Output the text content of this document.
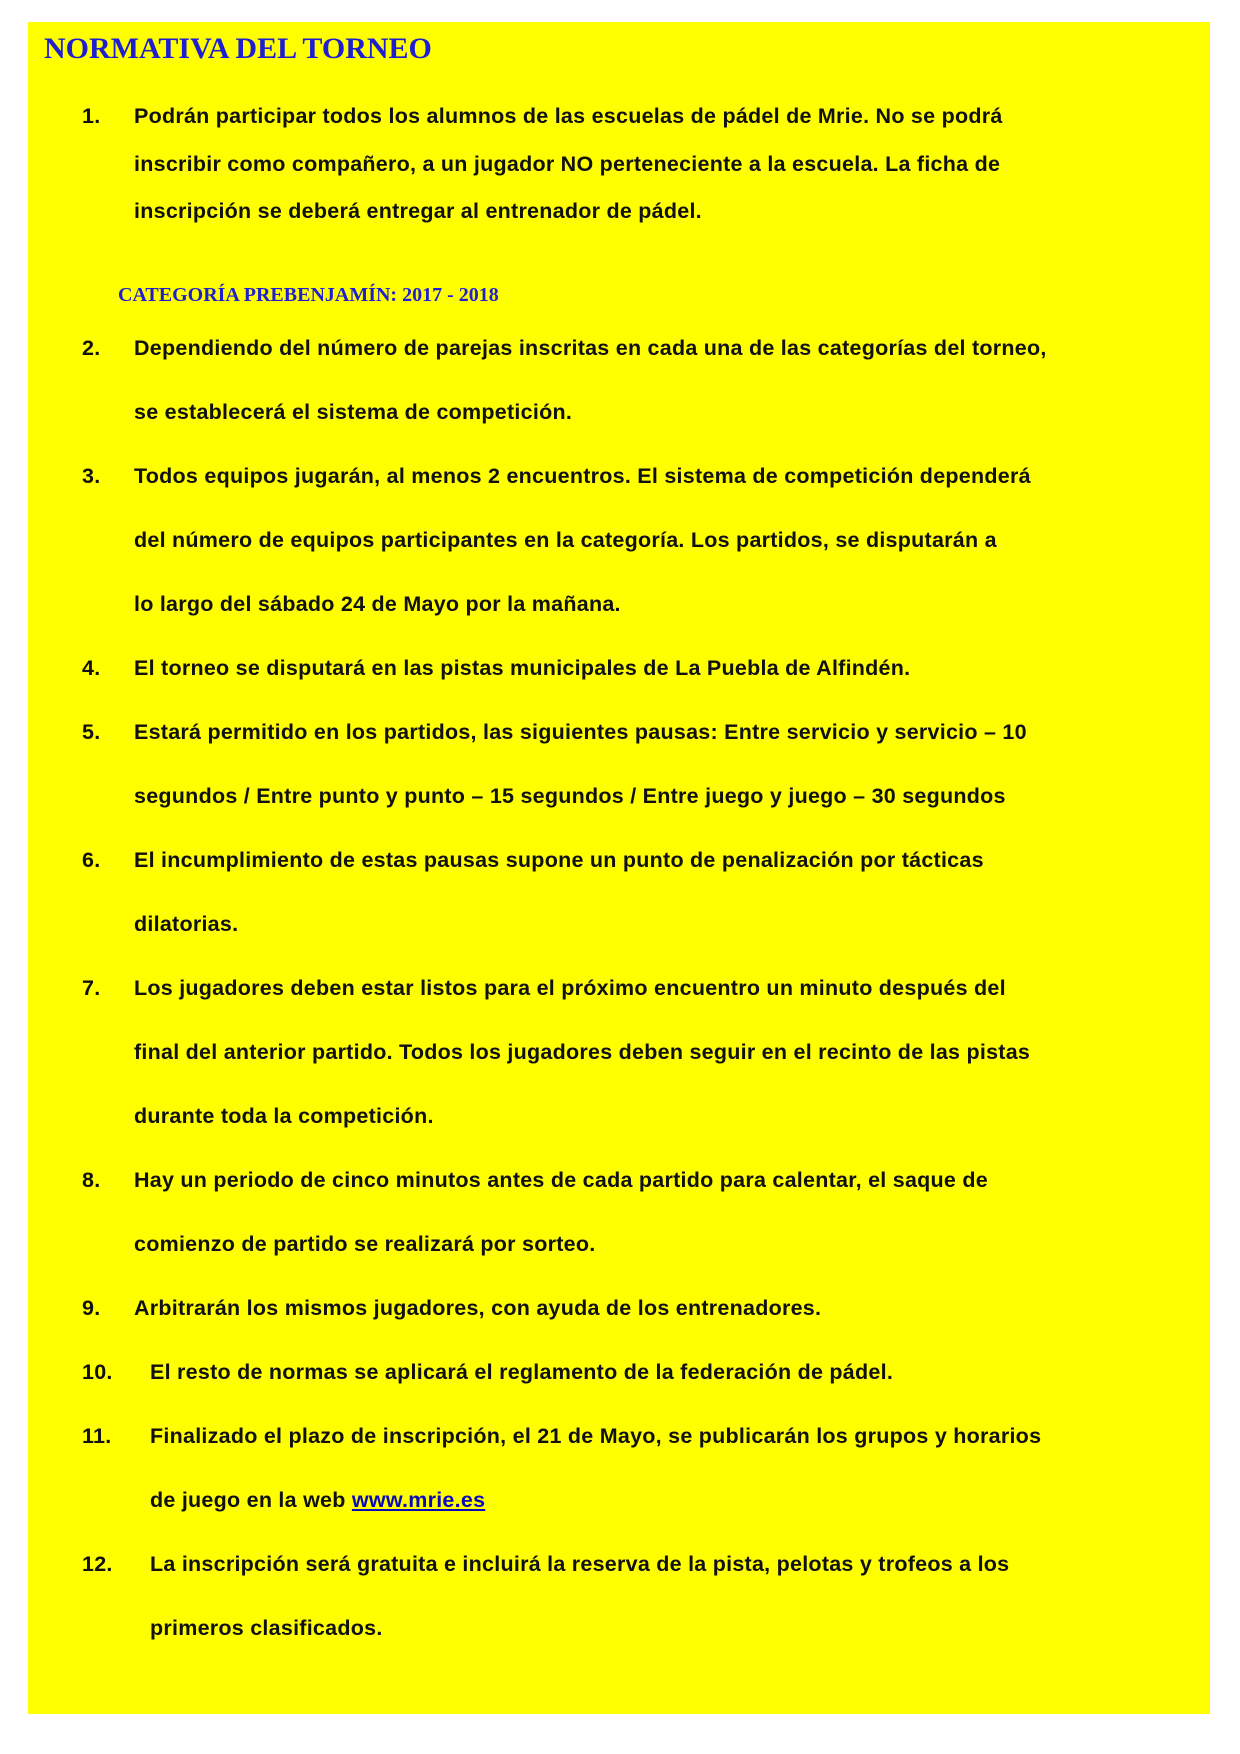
NORMATIVA DEL TORNEO
1. Podrán participar todos los alumnos de las escuelas de pádel de Mrie. No se podrá
inscribir como compañero, a un jugador NO perteneciente a la escuela. La ficha de
inscripción se deberá entregar al entrenador de pádel.
CATEGORÍA PREBENJAMÍN: 2017 - 2018
2. Dependiendo del número de parejas inscritas en cada una de las categorías del torneo,
se establecerá el sistema de competición.
3. Todos equipos jugarán, al menos 2 encuentros. El sistema de competición dependerá
del número de equipos participantes en la categoría. Los partidos, se disputarán a
lo largo del sábado 24 de Mayo por la mañana.
4. El torneo se disputará en las pistas municipales de La Puebla de Alfindén.
5. Estará permitido en los partidos, las siguientes pausas: Entre servicio y servicio – 10
segundos / Entre punto y punto – 15 segundos / Entre juego y juego – 30 segundos
6. El incumplimiento de estas pausas supone un punto de penalización por tácticas
dilatorias.
7. Los jugadores deben estar listos para el próximo encuentro un minuto después del
final del anterior partido. Todos los jugadores deben seguir en el recinto de las pistas
durante toda la competición.
8. Hay un periodo de cinco minutos antes de cada partido para calentar, el saque de
comienzo de partido se realizará por sorteo.
9. Arbitrarán los mismos jugadores, con ayuda de los entrenadores.
10. El resto de normas se aplicará el reglamento de la federación de pádel.
11. Finalizado el plazo de inscripción, el 21 de Mayo, se publicarán los grupos y horarios
de juego en la web www.mrie.es
12. La inscripción será gratuita e incluirá la reserva de la pista, pelotas y trofeos a los
primeros clasificados.
